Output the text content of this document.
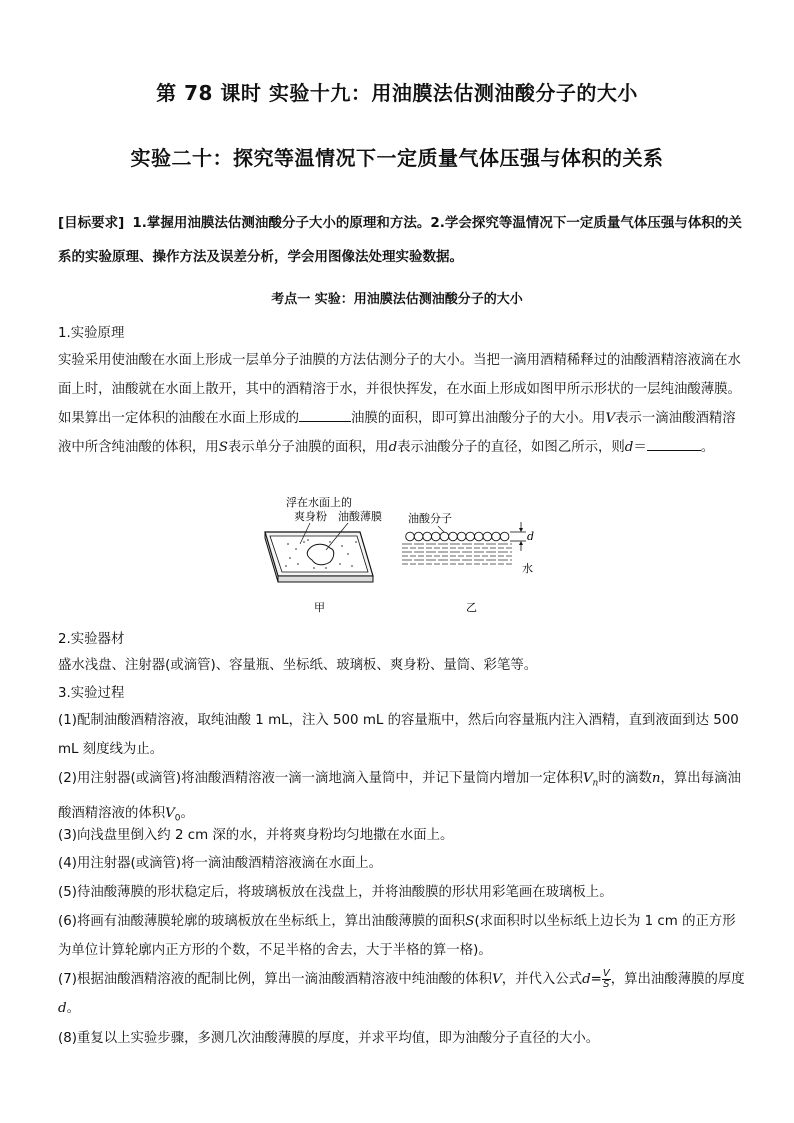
第 78 课时 实验十九：用油膜法估测油酸分子的大小
实验二十：探究等温情况下一定质量气体压强与体积的关系
[目标要求] 1.掌握用油膜法估测油酸分子大小的原理和方法。2.学会探究等温情况下一定质量气体压强与体积的关系的实验原理、操作方法及误差分析，学会用图像法处理实验数据。
考点一 实验：用油膜法估测油酸分子的大小
1.实验原理
实验采用使油酸在水面上形成一层单分子油膜的方法估测分子的大小。当把一滴用酒精稀释过的油酸酒精溶液滴在水面上时，油酸就在水面上散开，其中的酒精溶于水，并很快挥发，在水面上形成如图甲所示形状的一层纯油酸薄膜。如果算出一定体积的油酸在水面上形成的	油膜的面积，即可算出油酸分子的大小。用V表示一滴油酸酒精溶液中所含纯油酸的体积，用S表示单分子油膜的面积，用d表示油酸分子的直径，如图乙所示，则d＝	。
浮在水面上的
爽身粉 油酸薄膜
d
水
油酸分子
甲	乙
2.实验器材
盛水浅盘、注射器(或滴管)、容量瓶、坐标纸、玻璃板、爽身粉、量筒、彩笔等。
3.实验过程
(1)配制油酸酒精溶液，取纯油酸 1 mL，注入 500 mL 的容量瓶中，然后向容量瓶内注入酒精，直到液面到达 500 mL 刻度线为止。
(2)用注射器(或滴管)将油酸酒精溶液一滴一滴地滴入量筒中，并记下量筒内增加一定体积$V_n$时的滴数n，算出每滴油酸酒精溶液的体积$V_0$。
(3)向浅盘里倒入约 2 cm 深的水，并将爽身粉均匀地撒在水面上。
(4)用注射器(或滴管)将一滴油酸酒精溶液滴在水面上。
(5)待油酸薄膜的形状稳定后，将玻璃板放在浅盘上，并将油酸膜的形状用彩笔画在玻璃板上。
(6)将画有油酸薄膜轮廓的玻璃板放在坐标纸上，算出油酸薄膜的面积S(求面积时以坐标纸上边长为 1 cm 的正方形为单位计算轮廓内正方形的个数，不足半格的舍去，大于半格的算一格)。
(7)根据油酸酒精溶液的配制比例，算出一滴油酸酒精溶液中纯油酸的体积V，并代入公式$d= \frac{V}{S}$ ，算出油酸薄膜的厚度d。
(8)重复以上实验步骤，多测几次油酸薄膜的厚度，并求平均值，即为油酸分子直径的大小。
